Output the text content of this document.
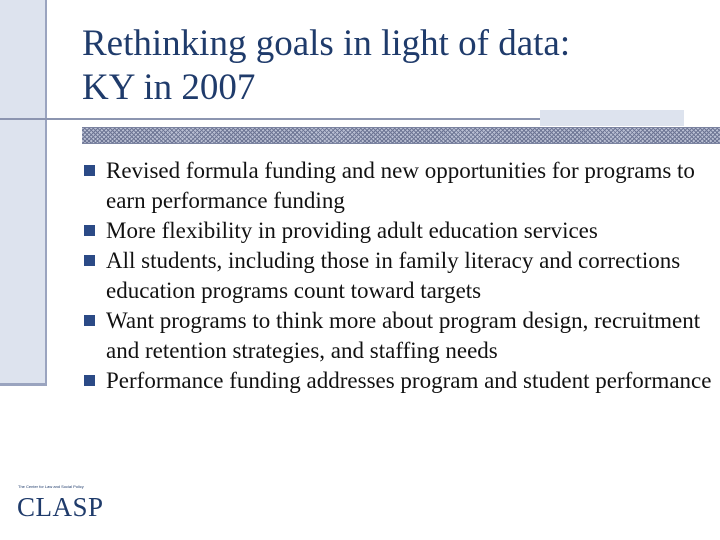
Rethinking goals in light of data:
KY in 2007
Revised formula funding and new opportunities for programs to earn performance funding
More flexibility in providing adult education services
All students, including those in family literacy and corrections education programs count toward targets
Want programs to think more about program design, recruitment and retention strategies, and staffing needs
Performance funding addresses program and student performance
The Center for Law and Social Policy
CLASP
